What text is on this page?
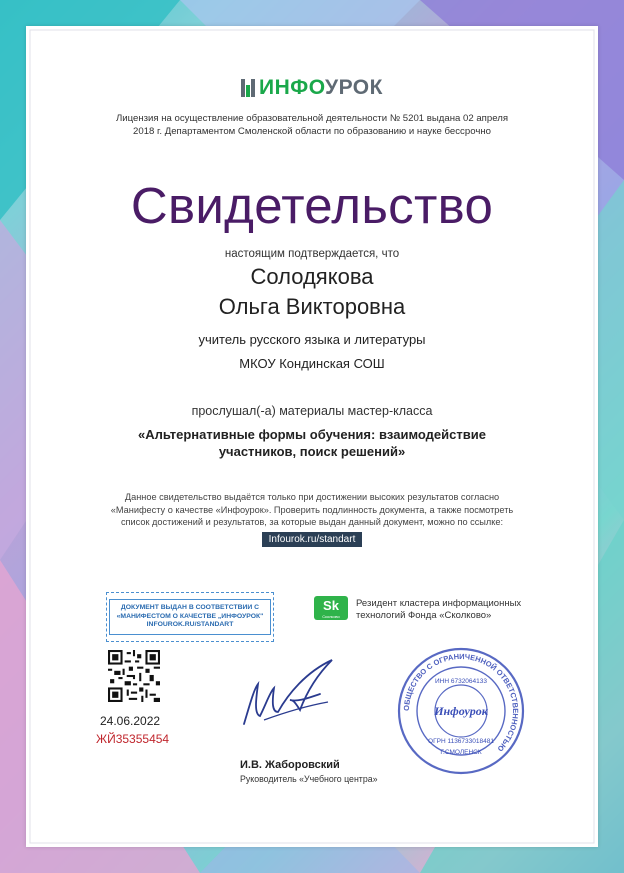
ИНФОУРОК
Лицензия на осуществление образовательной деятельности № 5201 выдана 02 апреля
2018 г. Департаментом Смоленской области по образованию и науке бессрочно
Свидетельство
настоящим подтверждается, что
Солодякова
Ольга Викторовна
учитель русского языка и литературы
МКОУ Кондинская СОШ
прослушал(-а) материалы мастер-класса
«Альтернативные формы обучения: взаимодействие
участников, поиск решений»
Данное свидетельство выдаётся только при достижении высоких результатов согласно
«Манифесту о качестве «Инфоурок». Проверить подлинность документа, а также посмотреть
список достижений и результатов, за которые выдан данный документ, можно по ссылке:
Infourok.ru/standart
ДОКУМЕНТ ВЫДАН В СООТВЕТСТВИИ С
«МАНИФЕСТОМ О КАЧЕСТВЕ „ИНФОУРОК"
INFOUROK.RU/STANDART
Sk
Сколково
Резидент кластера информационных
технологий Фонда «Сколково»
24.06.2022
ЖЙ35355454
И.В. Жаборовский
Руководитель «Учебного центра»
ОБЩЕСТВО С ОГРАНИЧЕННОЙ ОТВЕТСТВЕННОСТЬЮ
ИНН 6732064133
Инфоурок
ОГРН 1136733018481
Г.СМОЛЕНСК
